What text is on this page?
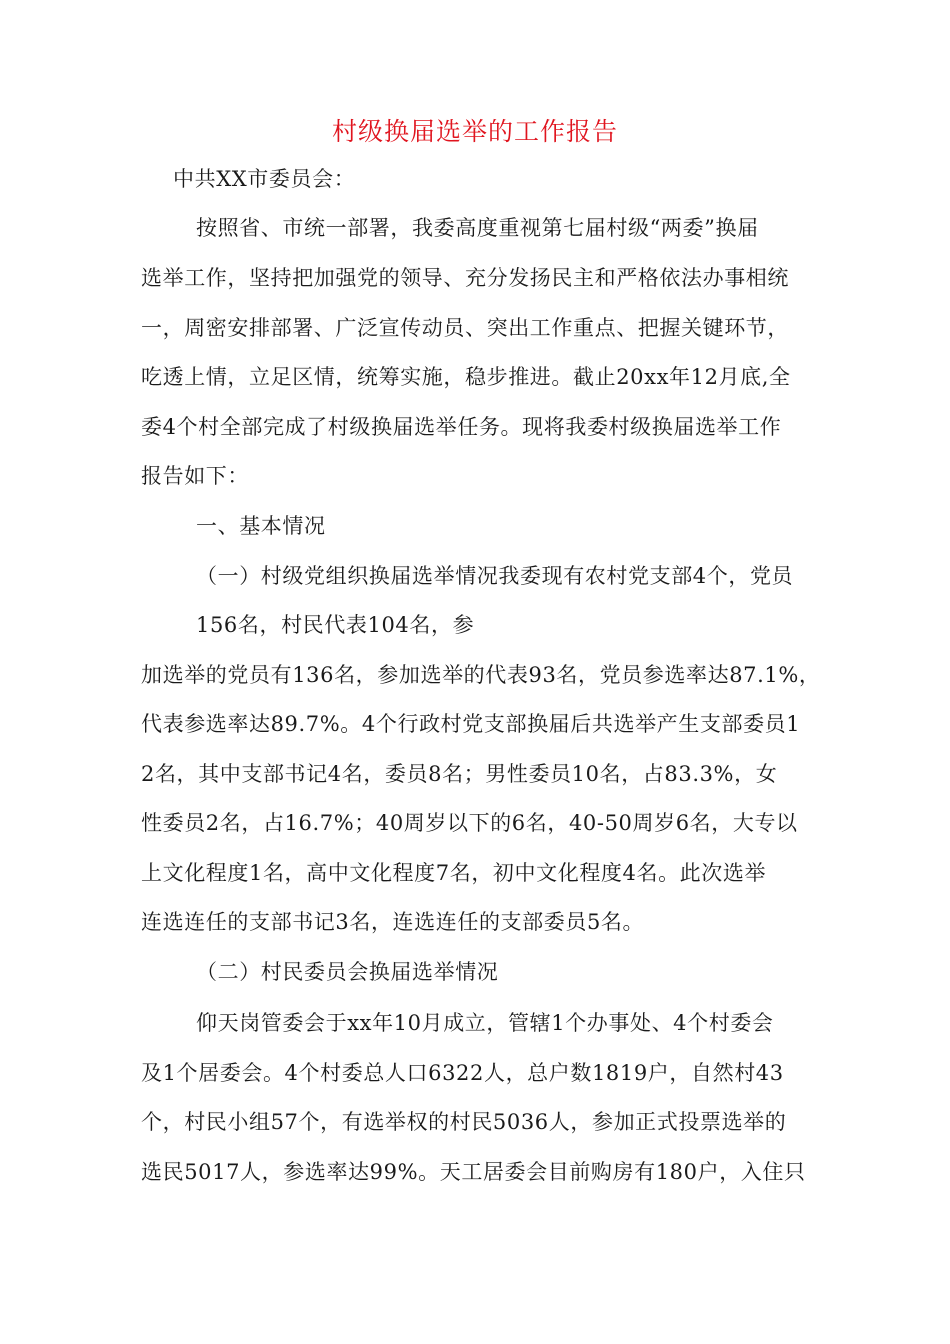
村级换届选举的工作报告
中共XX市委员会：
按照省、市统一部署，我委高度重视第七届村级“两委”换届
选举工作，坚持把加强党的领导、充分发扬民主和严格依法办事相统
一，周密安排部署、广泛宣传动员、突出工作重点、把握关键环节，
吃透上情，立足区情，统筹实施，稳步推进。截止20xx年12月底,全
委4个村全部完成了村级换届选举任务。现将我委村级换届选举工作
报告如下：
一、基本情况
（一）村级党组织换届选举情况我委现有农村党支部4个，党员
156名，村民代表104名，参
加选举的党员有136名，参加选举的代表93名，党员参选率达87.1%，
代表参选率达89.7%。4个行政村党支部换届后共选举产生支部委员1
2名，其中支部书记4名，委员8名；男性委员10名，占83.3%，女
性委员2名，占16.7%；40周岁以下的6名，40-50周岁6名，大专以
上文化程度1名，高中文化程度7名，初中文化程度4名。此次选举
连选连任的支部书记3名，连选连任的支部委员5名。
（二）村民委员会换届选举情况
仰天岗管委会于xx年10月成立，管辖1个办事处、4个村委会
及1个居委会。4个村委总人口6322人，总户数1819户，自然村43
个，村民小组57个，有选举权的村民5036人，参加正式投票选举的
选民5017人，参选率达99%。天工居委会目前购房有180户，入住只
